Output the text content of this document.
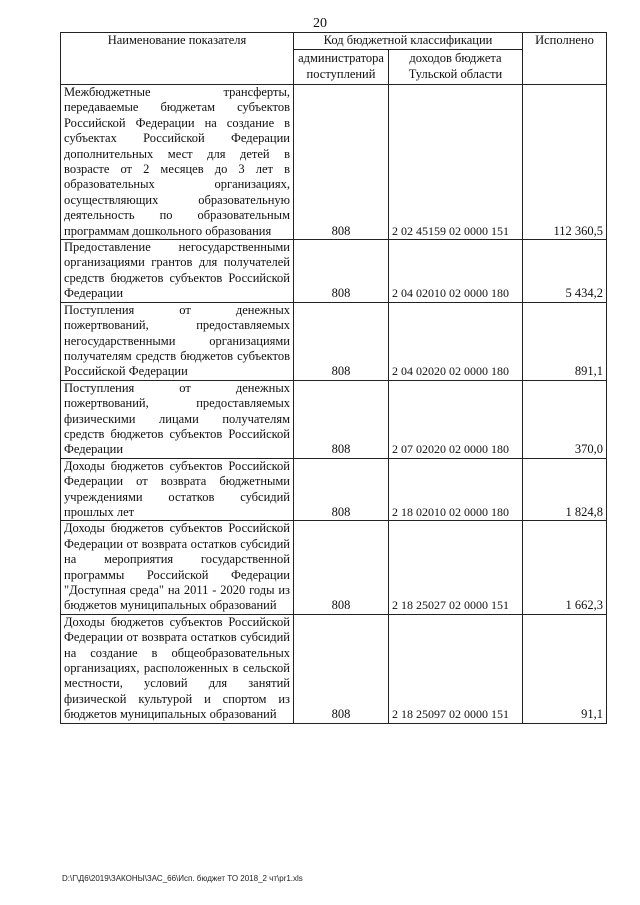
20
Наименование показателя	Код бюджетной классификации		Исполнено
	администратора поступлений	доходов бюджета Тульской области	
Межбюджетные трансферты, передаваемые бюджетам субъектов Российской Федерации на создание в субъектах Российской Федерации дополнительных мест для детей в возрасте от 2 месяцев до 3 лет в образовательных организациях, осуществляющих образовательную деятельность по образовательным программам дошкольного образования	808	2 02 45159 02 0000 151	112 360,5
Предоставление негосударственными организациями грантов для получателей средств бюджетов субъектов Российской Федерации	808	2 04 02010 02 0000 180	5 434,2
Поступления от денежных пожертвований, предоставляемых негосударственными организациями получателям средств бюджетов субъектов Российской Федерации	808	2 04 02020 02 0000 180	891,1
Поступления от денежных пожертвований, предоставляемых физическими лицами получателям средств бюджетов субъектов Российской Федерации	808	2 07 02020 02 0000 180	370,0
Доходы бюджетов субъектов Российской Федерации от возврата бюджетными учреждениями остатков субсидий прошлых лет	808	2 18 02010 02 0000 180	1 824,8
Доходы бюджетов субъектов Российской Федерации от возврата остатков субсидий на мероприятия государственной программы Российской Федерации "Доступная среда" на 2011 - 2020 годы из бюджетов муниципальных образований	808	2 18 25027 02 0000 151	1 662,3
Доходы бюджетов субъектов Российской Федерации от возврата остатков субсидий на создание в общеобразовательных организациях, расположенных в сельской местности, условий для занятий физической культурой и спортом из бюджетов муниципальных образований	808	2 18 25097 02 0000 151	91,1
D:\Г\Д6\2019\ЗАКОНЫ\ЗАС_66\Исп. бюджет ТО 2018_2 чт\pr1.xls
